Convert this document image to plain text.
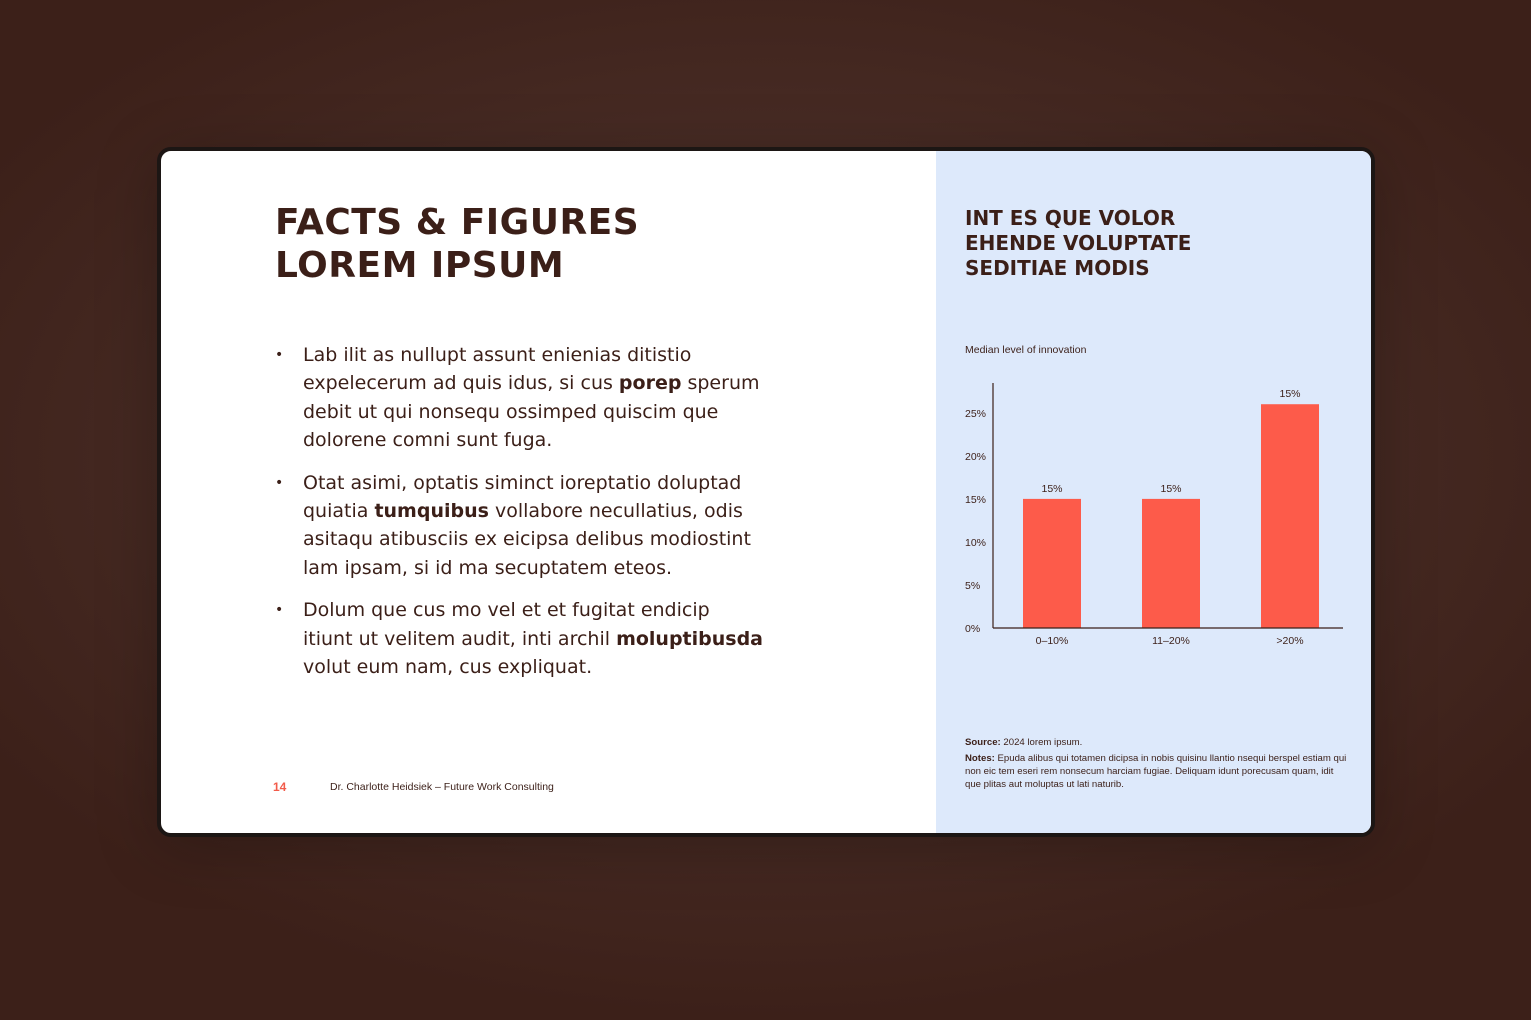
FACTS & FIGURES
LOREM IPSUM
• Lab ilit as nullupt assunt enienias ditistio expelecerum ad quis idus, si cus porep sperum debit ut qui nonsequ ossimped quiscim que dolorene comni sunt fuga.
• Otat asimi, optatis siminct ioreptatio doluptad quiatia tumquibus vollabore necullatius, odis asitaqu atibusciis ex eicipsa delibus modiostint lam ipsam, si id ma secuptatem eteos.
• Dolum que cus mo vel et et fugitat endicip itiunt ut velitem audit, inti archil moluptibusda volut eum nam, cus expliquat.
14	Dr. Charlotte Heidsiek – Future Work Consulting
INT ES QUE VOLOR
EHENDE VOLUPTATE
SEDITIAE MODIS
Median level of innovation
0%
5%
10%
15%
20%
25%
15%
0–10%
15%
11–20%
15%
>20%

Source: 2024 lorem ipsum.

Notes: Epuda alibus qui totamen dicipsa in nobis quisinu llantio nsequi berspel estiam qui non eic tem eseri rem nonsecum harciam fugiae. Deliquam idunt porecusam quam, idit que plitas aut moluptas ut lati naturib.
